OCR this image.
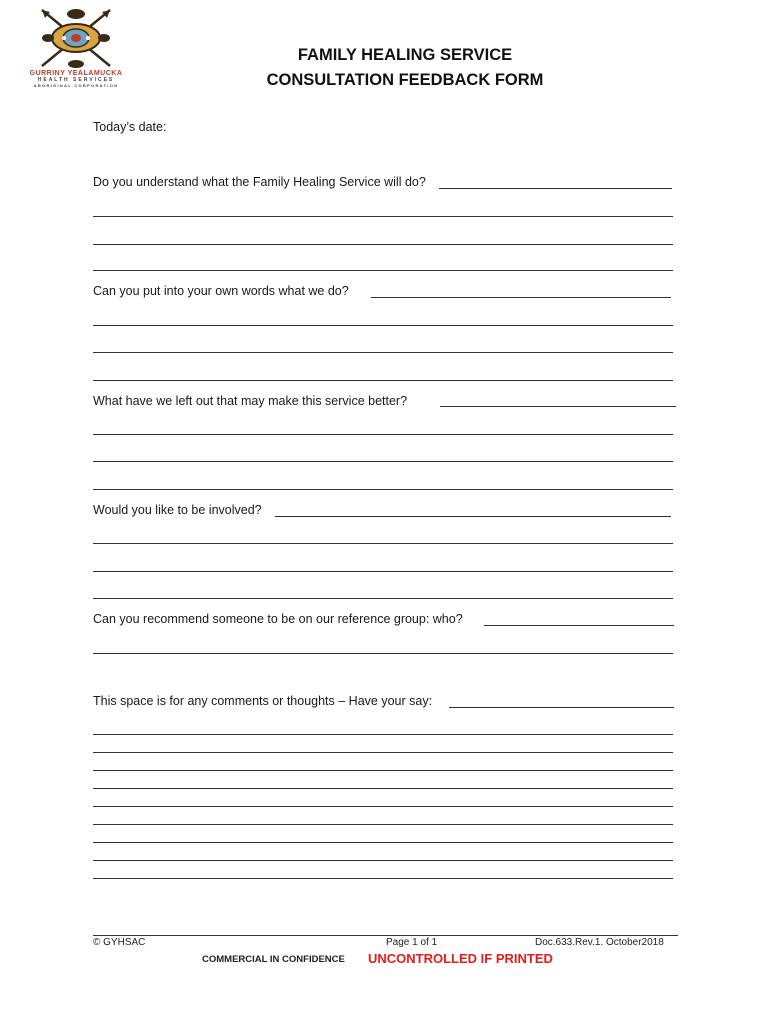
GURRINY YEALAMUCKA
HEALTH SERVICES
ABORIGINAL CORPORATION
FAMILY HEALING SERVICE
CONSULTATION FEEDBACK FORM
Today’s date:
Do you understand what the Family Healing Service will do?
Can you put into your own words what we do?
What have we left out that may make this service better?
Would you like to be involved?
Can you recommend someone to be on our reference group: who?
This space is for any comments or thoughts – Have your say:
© GYHSAC	Page 1 of 1	Doc.633.Rev.1. October2018
COMMERCIAL IN CONFIDENCE UNCONTROLLED IF PRINTED
